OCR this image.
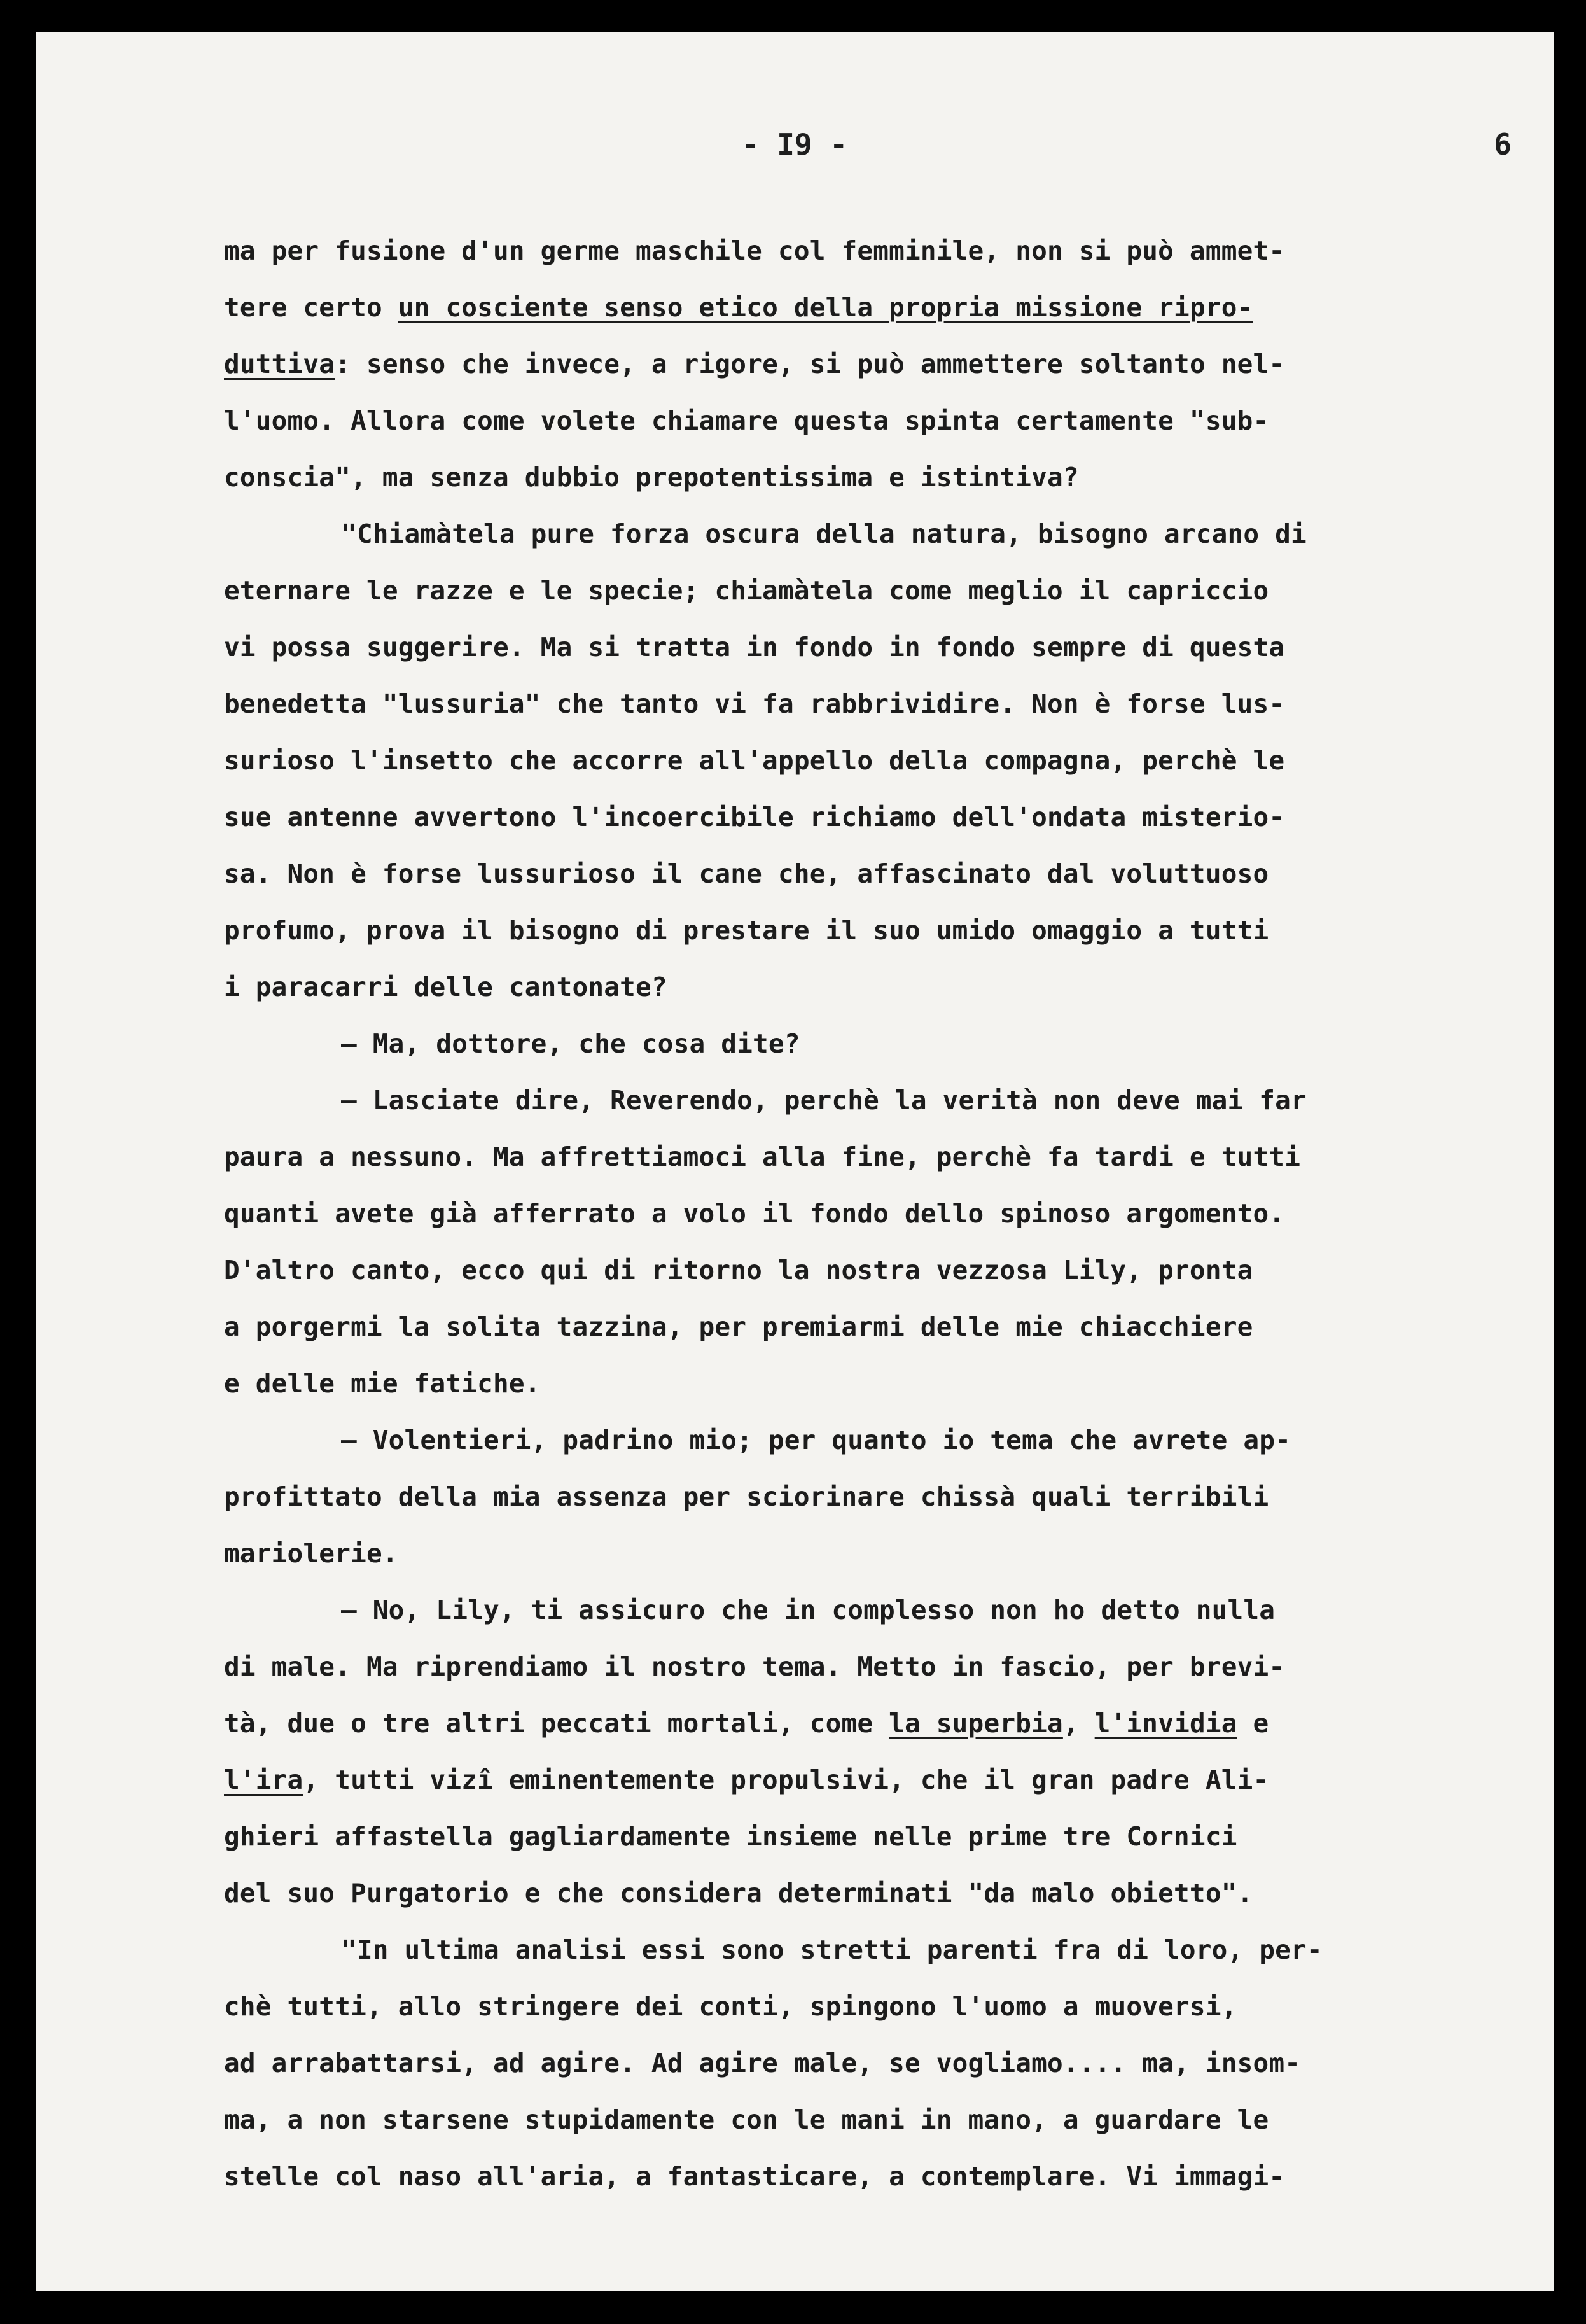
- I9 -	6
ma per fusione d'un germe maschile col femminile, non si può ammet-
tere certo un cosciente senso etico della propria missione ripro-
duttiva: senso che invece, a rigore, si può ammettere soltanto nel-
l'uomo. Allora come volete chiamare questa spinta certamente "sub-
conscia", ma senza dubbio prepotentissima e istintiva?
"Chiamàtela pure forza oscura della natura, bisogno arcano di
eternare le razze e le specie; chiamàtela come meglio il capriccio
vi possa suggerire. Ma si tratta in fondo in fondo sempre di questa
benedetta "lussuria" che tanto vi fa rabbrividire. Non è forse lus-
surioso l'insetto che accorre all'appello della compagna, perchè le
sue antenne avvertono l'incoercibile richiamo dell'ondata misterio-
sa. Non è forse lussurioso il cane che, affascinato dal voluttuoso
profumo, prova il bisogno di prestare il suo umido omaggio a tutti
i paracarri delle cantonate?
— Ma, dottore, che cosa dite?
— Lasciate dire, Reverendo, perchè la verità non deve mai far
paura a nessuno. Ma affrettiamoci alla fine, perchè fa tardi e tutti
quanti avete già afferrato a volo il fondo dello spinoso argomento.
D'altro canto, ecco qui di ritorno la nostra vezzosa Lily, pronta
a porgermi la solita tazzina, per premiarmi delle mie chiacchiere
e delle mie fatiche.
— Volentieri, padrino mio; per quanto io tema che avrete ap-
profittato della mia assenza per sciorinare chissà quali terribili
mariolerie.
— No, Lily, ti assicuro che in complesso non ho detto nulla
di male. Ma riprendiamo il nostro tema. Metto in fascio, per brevi-
tà, due o tre altri peccati mortali, come la superbia, l'invidia e
l'ira, tutti vizî eminentemente propulsivi, che il gran padre Ali-
ghieri affastella gagliardamente insieme nelle prime tre Cornici
del suo Purgatorio e che considera determinati "da malo obietto".
"In ultima analisi essi sono stretti parenti fra di loro, per-
chè tutti, allo stringere dei conti, spingono l'uomo a muoversi,
ad arrabattarsi, ad agire. Ad agire male, se vogliamo.... ma, insom-
ma, a non starsene stupidamente con le mani in mano, a guardare le
stelle col naso all'aria, a fantasticare, a contemplare. Vi immagi-
